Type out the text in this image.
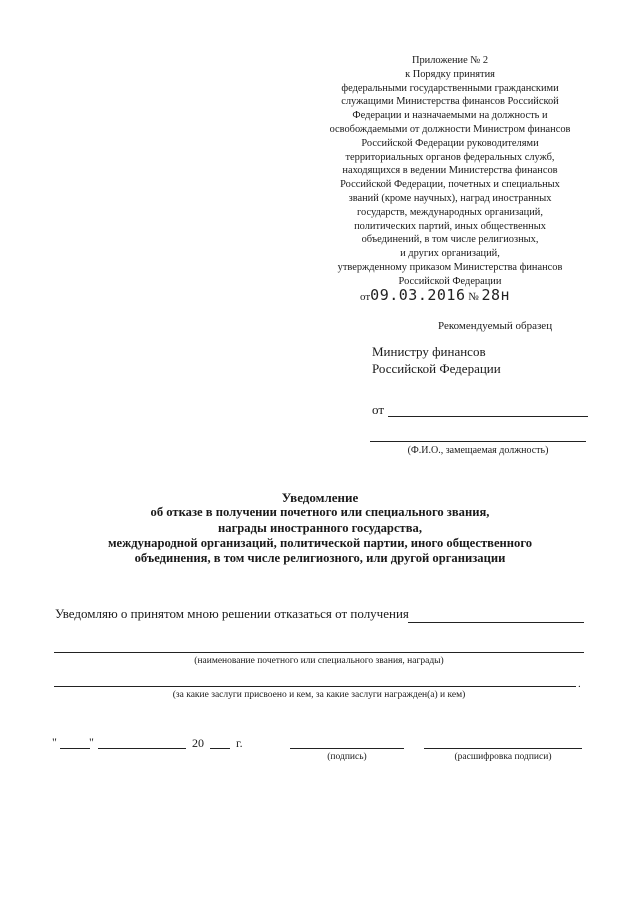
Приложение № 2
к Порядку принятия
федеральными государственными гражданскими
служащими Министерства финансов Российской
Федерации и назначаемыми на должность и
освобождаемыми от должности Министром финансов
Российской Федерации руководителями
территориальных органов федеральных служб,
находящихся в ведении Министерства финансов
Российской Федерации, почетных и специальных
званий (кроме научных), наград иностранных
государств, международных организаций,
политических партий, иных общественных
объединений, в том числе религиозных,
и других организаций,
утвержденному приказом Министерства финансов
Российской Федерации
от09.03.2016 № 28н
Рекомендуемый образец
Министру финансов
Российской Федерации
от
(Ф.И.О., замещаемая должность)
Уведомление
об отказе в получении почетного или специального звания,
награды иностранного государства,
международной организаций, политической партии, иного общественного
объединения, в том числе религиозного, или другой организации
Уведомляю о принятом мною решении отказаться от получения
(наименование почетного или специального звания, награды)
.
(за какие заслуги присвоено и кем, за какие заслуги награжден(а) и кем)
"	"	20	г.
(подпись)	(расшифровка подписи)
